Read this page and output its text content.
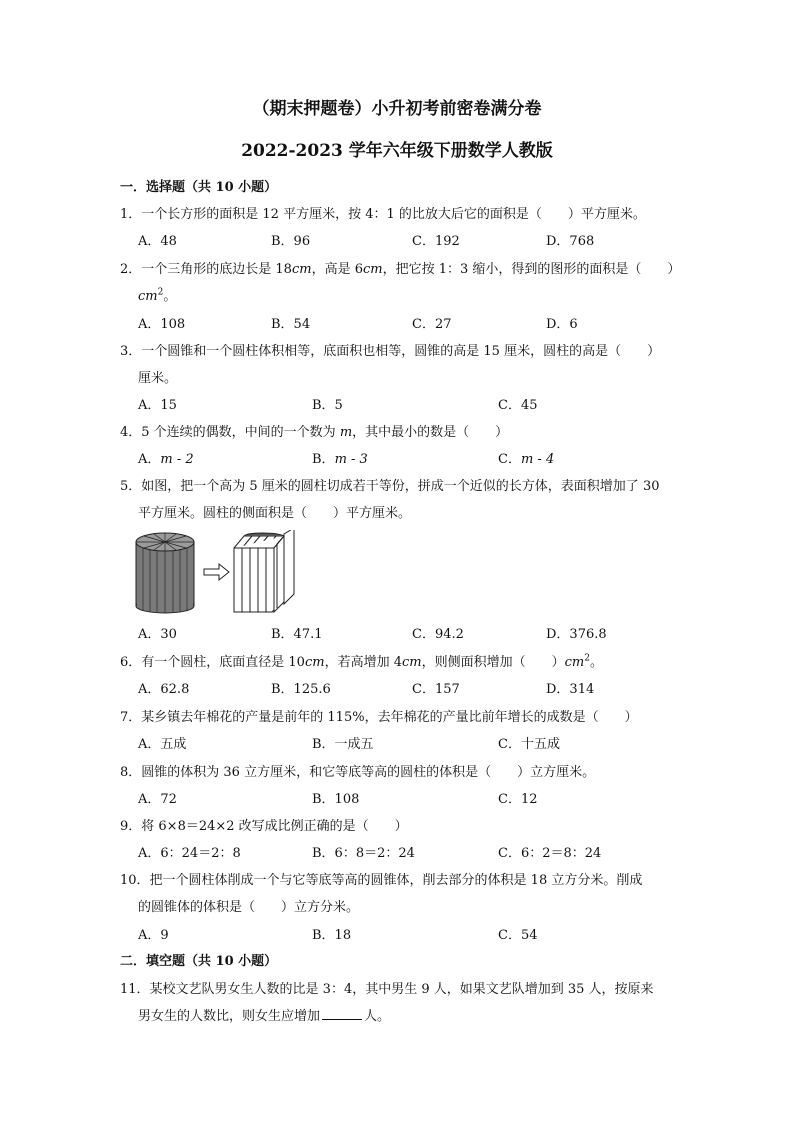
（期末押题卷）小升初考前密卷满分卷
2022-2023 学年六年级下册数学人教版
一．选择题（共 10 小题）
1．一个长方形的面积是 12 平方厘米，按 4：1 的比放大后它的面积是（　　）平方厘米。
A．48	B．96	C．192	D．768
2．一个三角形的底边长是 18cm，高是 6cm，把它按 1：3 缩小，得到的图形的面积是（　　）
$cm^2$。
A．108	B．54	C．27	D．6
3．一个圆锥和一个圆柱体积相等，底面积也相等，圆锥的高是 15 厘米，圆柱的高是（　　）
厘米。
A．15	B．5	C．45
4．5 个连续的偶数，中间的一个数为 m，其中最小的数是（　　）
A．m - 2	B．m - 3	C．m - 4
5．如图，把一个高为 5 厘米的圆柱切成若干等份，拼成一个近似的长方体，表面积增加了 30
平方厘米。圆柱的侧面积是（　　）平方厘米。
A．30	B．47.1	C．94.2	D．376.8
6．有一个圆柱，底面直径是 10cm，若高增加 4cm，则侧面积增加（　　）$cm^2$。
A．62.8	B．125.6	C．157	D．314
7．某乡镇去年棉花的产量是前年的 115%，去年棉花的产量比前年增长的成数是（　　）
A．五成	B．一成五	C．十五成
8．圆锥的体积为 36 立方厘米，和它等底等高的圆柱的体积是（　　）立方厘米。
A．72	B．108	C．12
9．将 6×8＝24×2 改写成比例正确的是（　　）
A．6：24＝2：8	B．6：8＝2：24	C．6：2＝8：24
10．把一个圆柱体削成一个与它等底等高的圆锥体，削去部分的体积是 18 立方分米。削成
的圆锥体的体积是（　　）立方分米。
A．9	B．18	C．54
二．填空题（共 10 小题）
11．某校文艺队男女生人数的比是 3：4，其中男生 9 人，如果文艺队增加到 35 人，按原来
男女生的人数比，则女生应增加	人。
